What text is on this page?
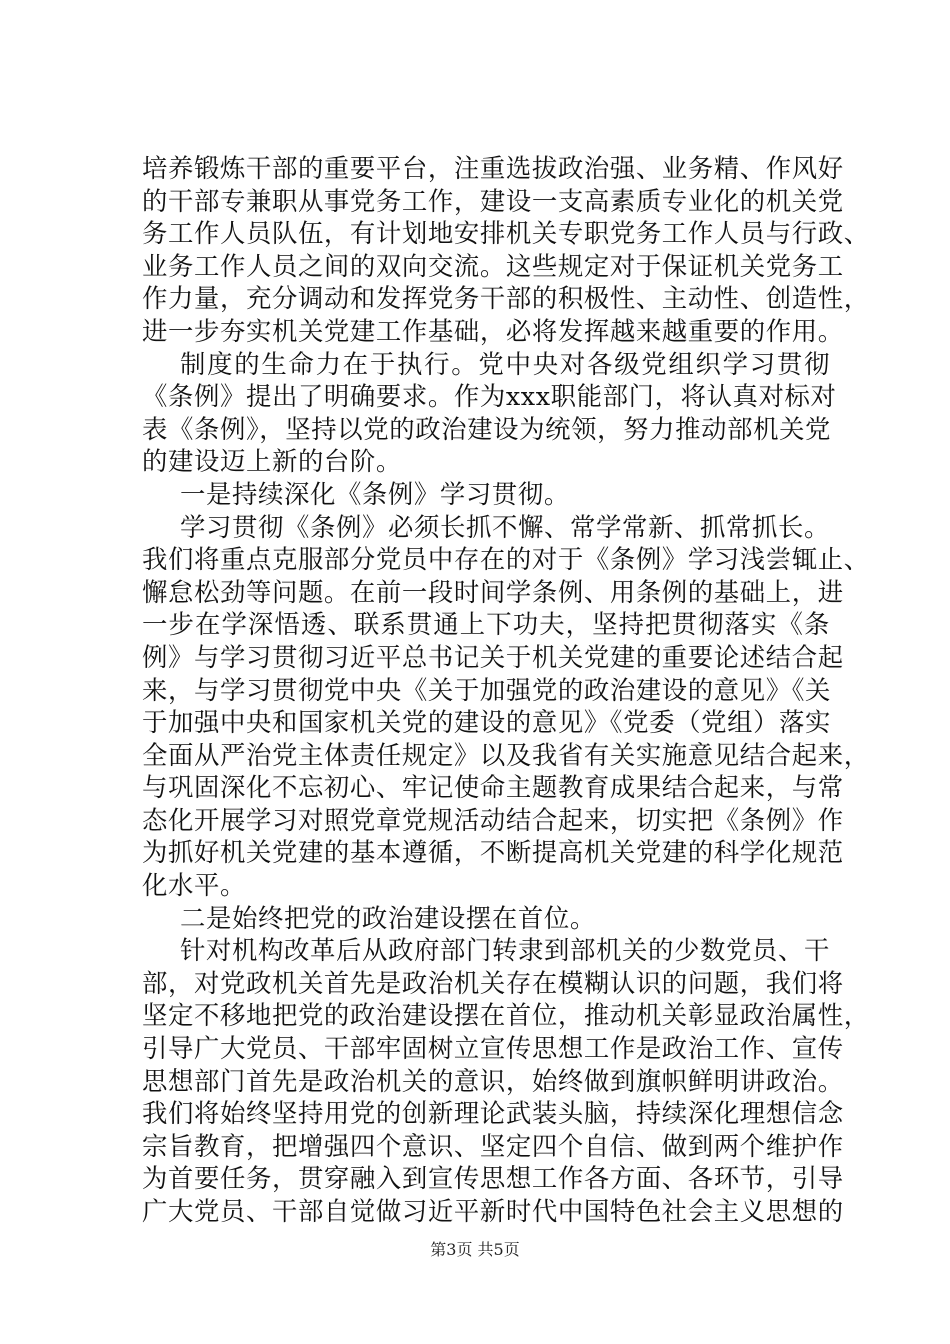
培养锻炼干部的重要平台，注重选拔政治强、业务精、作风好
的干部专兼职从事党务工作，建设一支高素质专业化的机关党
务工作人员队伍，有计划地安排机关专职党务工作人员与行政、
业务工作人员之间的双向交流。这些规定对于保证机关党务工
作力量，充分调动和发挥党务干部的积极性、主动性、创造性，
进一步夯实机关党建工作基础，必将发挥越来越重要的作用。
制度的生命力在于执行。党中央对各级党组织学习贯彻
《条例》提出了明确要求。作为xxx职能部门，将认真对标对
表《条例》，坚持以党的政治建设为统领，努力推动部机关党
的建设迈上新的台阶。
一是持续深化《条例》学习贯彻。
学习贯彻《条例》必须长抓不懈、常学常新、抓常抓长。
我们将重点克服部分党员中存在的对于《条例》学习浅尝辄止、
懈怠松劲等问题。在前一段时间学条例、用条例的基础上，进
一步在学深悟透、联系贯通上下功夫，坚持把贯彻落实《条
例》与学习贯彻习近平总书记关于机关党建的重要论述结合起
来，与学习贯彻党中央《关于加强党的政治建设的意见》《关
于加强中央和国家机关党的建设的意见》《党委（党组）落实
全面从严治党主体责任规定》以及我省有关实施意见结合起来，
与巩固深化不忘初心、牢记使命主题教育成果结合起来，与常
态化开展学习对照党章党规活动结合起来，切实把《条例》作
为抓好机关党建的基本遵循，不断提高机关党建的科学化规范
化水平。
二是始终把党的政治建设摆在首位。
针对机构改革后从政府部门转隶到部机关的少数党员、干
部，对党政机关首先是政治机关存在模糊认识的问题，我们将
坚定不移地把党的政治建设摆在首位，推动机关彰显政治属性，
引导广大党员、干部牢固树立宣传思想工作是政治工作、宣传
思想部门首先是政治机关的意识，始终做到旗帜鲜明讲政治。
我们将始终坚持用党的创新理论武装头脑，持续深化理想信念
宗旨教育，把增强四个意识、坚定四个自信、做到两个维护作
为首要任务，贯穿融入到宣传思想工作各方面、各环节，引导
广大党员、干部自觉做习近平新时代中国特色社会主义思想的
第3页 共5页
